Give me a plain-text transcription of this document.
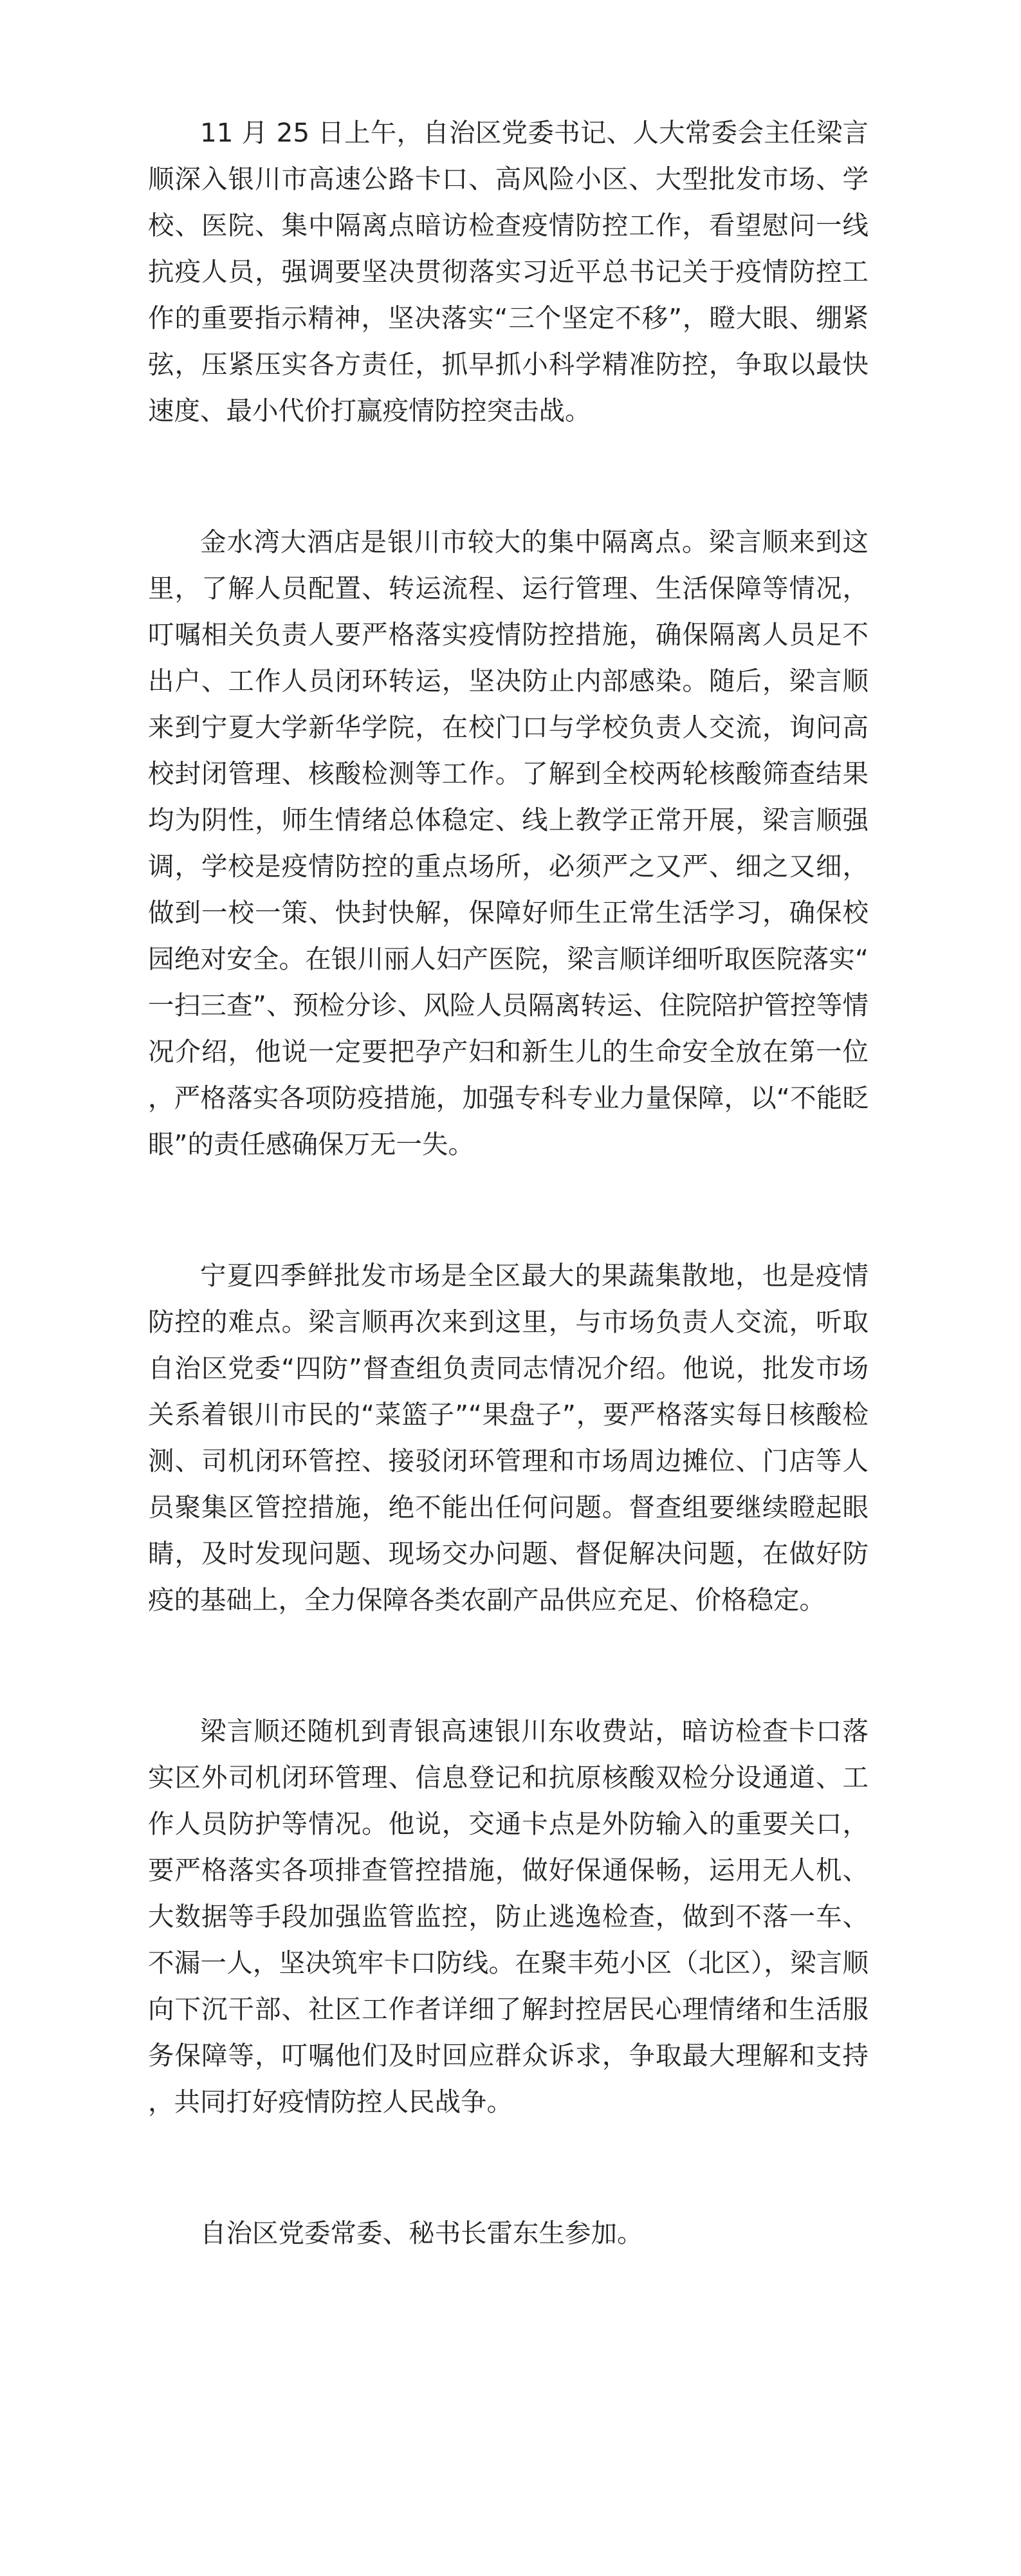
11 月 25 日上午，自治区党委书记、人大常委会主任梁言顺深入银川市高速公路卡口、高风险小区、大型批发市场、学校、医院、集中隔离点暗访检查疫情防控工作，看望慰问一线抗疫人员，强调要坚决贯彻落实习近平总书记关于疫情防控工作的重要指示精神，坚决落实“三个坚定不移”，瞪大眼、绷紧弦，压紧压实各方责任，抓早抓小科学精准防控，争取以最快速度、最小代价打赢疫情防控突击战。

金水湾大酒店是银川市较大的集中隔离点。梁言顺来到这里，了解人员配置、转运流程、运行管理、生活保障等情况，叮嘱相关负责人要严格落实疫情防控措施，确保隔离人员足不出户、工作人员闭环转运，坚决防止内部感染。随后，梁言顺来到宁夏大学新华学院，在校门口与学校负责人交流，询问高校封闭管理、核酸检测等工作。了解到全校两轮核酸筛查结果均为阴性，师生情绪总体稳定、线上教学正常开展，梁言顺强调，学校是疫情防控的重点场所，必须严之又严、细之又细，做到一校一策、快封快解，保障好师生正常生活学习，确保校园绝对安全。在银川丽人妇产医院，梁言顺详细听取医院落实“一扫三查”、预检分诊、风险人员隔离转运、住院陪护管控等情况介绍，他说一定要把孕产妇和新生儿的生命安全放在第一位，严格落实各项防疫措施，加强专科专业力量保障，以“不能眨眼”的责任感确保万无一失。

宁夏四季鲜批发市场是全区最大的果蔬集散地，也是疫情防控的难点。梁言顺再次来到这里，与市场负责人交流，听取自治区党委“四防”督查组负责同志情况介绍。他说，批发市场关系着银川市民的“菜篮子”“果盘子”，要严格落实每日核酸检测、司机闭环管控、接驳闭环管理和市场周边摊位、门店等人员聚集区管控措施，绝不能出任何问题。督查组要继续瞪起眼睛，及时发现问题、现场交办问题、督促解决问题，在做好防疫的基础上，全力保障各类农副产品供应充足、价格稳定。

梁言顺还随机到青银高速银川东收费站，暗访检查卡口落实区外司机闭环管理、信息登记和抗原核酸双检分设通道、工作人员防护等情况。他说，交通卡点是外防输入的重要关口，要严格落实各项排查管控措施，做好保通保畅，运用无人机、大数据等手段加强监管监控，防止逃逸检查，做到不落一车、不漏一人，坚决筑牢卡口防线。在聚丰苑小区（北区），梁言顺向下沉干部、社区工作者详细了解封控居民心理情绪和生活服务保障等，叮嘱他们及时回应群众诉求，争取最大理解和支持，共同打好疫情防控人民战争。

自治区党委常委、秘书长雷东生参加。
